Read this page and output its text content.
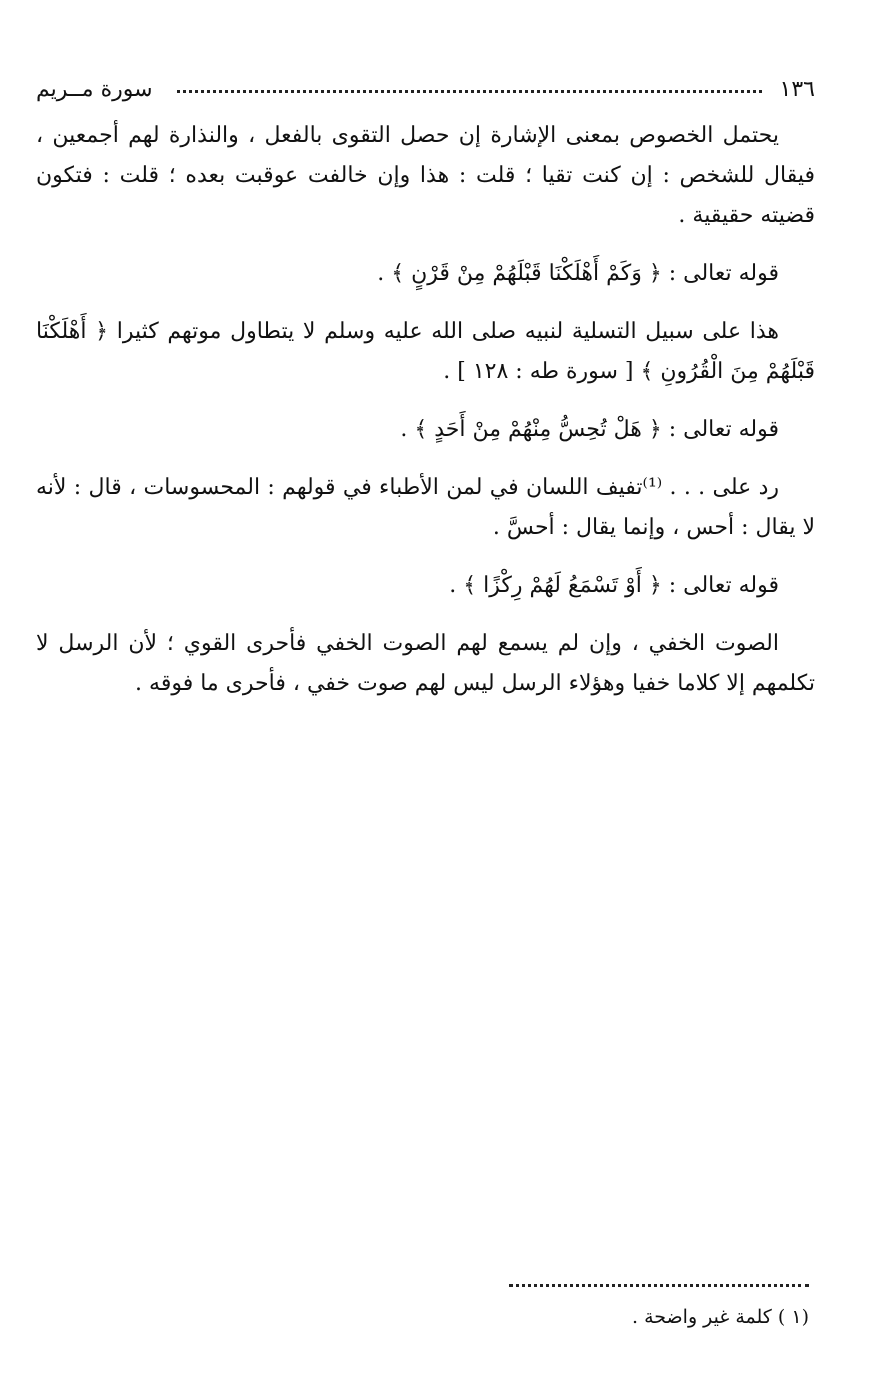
١٣٦
سورة مــريم

يحتمل الخصوص بمعنى الإشارة إن حصل التقوى بالفعل ، والنذارة لهم أجمعين ، فيقال للشخص : إن كنت تقيا ؛ قلت : هذا وإن خالفت عوقبت بعده ؛ قلت : فتكون قضيته حقيقية .

قوله تعالى : ﴿ وَكَمْ أَهْلَكْنَا قَبْلَهُمْ مِنْ قَرْنٍ ﴾ .

هذا على سبيل التسلية لنبيه صلى الله عليه وسلم لا يتطاول موتهم كثيرا ﴿ أَهْلَكْنَا قَبْلَهُمْ مِنَ الْقُرُونِ ﴾ [ سورة طه : ١٢٨ ] .

قوله تعالى : ﴿ هَلْ تُحِسُّ مِنْهُمْ مِنْ أَحَدٍ ﴾ .

رد على . . . ⁽¹⁾تفيف اللسان في لمن الأطباء في قولهم : المحسوسات ، قال : لأنه لا يقال : أحس ، وإنما يقال : أحسَّ .

قوله تعالى : ﴿ أَوْ تَسْمَعُ لَهُمْ رِكْزًا ﴾ .

الصوت الخفي ، وإن لم يسمع لهم الصوت الخفي فأحرى القوي ؛ لأن الرسل لا تكلمهم إلا كلاما خفيا وهؤلاء الرسل ليس لهم صوت خفي ، فأحرى ما فوقه .

(١ ) كلمة غير واضحة .
